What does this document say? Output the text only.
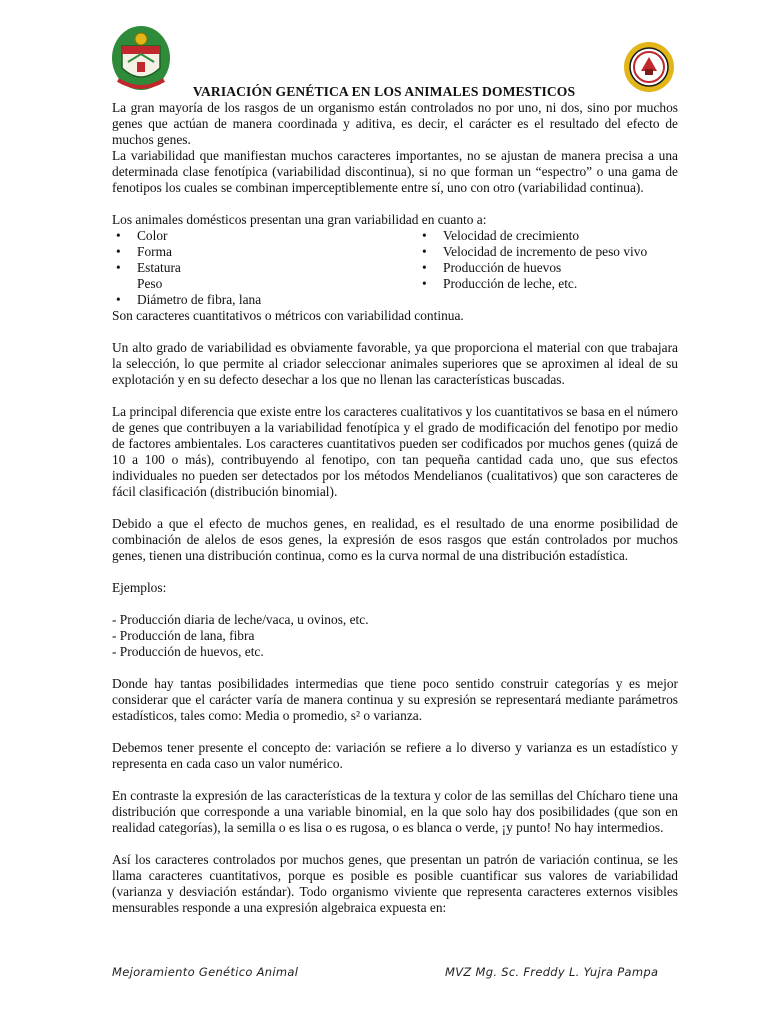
VARIACIÓN GENÉTICA EN LOS ANIMALES DOMESTICOS

La gran mayoría de los rasgos de un organismo están controlados no por uno, ni dos, sino por muchos genes que actúan de manera coordinada y aditiva, es decir, el carácter es el resultado del efecto de muchos genes.

La variabilidad que manifiestan muchos caracteres importantes, no se ajustan de manera precisa a una determinada clase fenotípica (variabilidad discontinua), si no que forman un “espectro” o una gama de fenotipos los cuales se combinan imperceptiblemente entre sí, uno con otro (variabilidad continua).

Los animales domésticos presentan una gran variabilidad en cuanto a:

• Color
• Forma
• Estatura
Peso
• Velocidad de crecimiento
• Velocidad de incremento de peso vivo
• Producción de huevos
• Producción de leche, etc.
• Diámetro de fibra, lana

Son caracteres cuantitativos o métricos con variabilidad continua.

Un alto grado de variabilidad es obviamente favorable, ya que proporciona el material con que trabajara la selección, lo que permite al criador seleccionar animales superiores que se aproximen al ideal de su explotación y en su defecto desechar a los que no llenan las características buscadas.

La principal diferencia que existe entre los caracteres cualitativos y los cuantitativos se basa en el número de genes que contribuyen a la variabilidad fenotípica y el grado de modificación del fenotipo por medio de factores ambientales. Los caracteres cuantitativos pueden ser codificados por muchos genes (quizá de 10 a 100 o más), contribuyendo al fenotipo, con tan pequeña cantidad cada uno, que sus efectos individuales no pueden ser detectados por los métodos Mendelianos (cualitativos) que son caracteres de fácil clasificación (distribución binomial).

Debido a que el efecto de muchos genes, en realidad, es el resultado de una enorme posibilidad de combinación de alelos de esos genes, la expresión de esos rasgos que están controlados por muchos genes, tienen una distribución continua, como es la curva normal de una distribución estadística.

Ejemplos:

- Producción diaria de leche/vaca, u ovinos, etc.
- Producción de lana, fibra
- Producción de huevos, etc.

Donde hay tantas posibilidades intermedias que tiene poco sentido construir categorías y es mejor considerar que el carácter varía de manera continua y su expresión se representará mediante parámetros estadísticos, tales como: Media o promedio, s² o varianza.

Debemos tener presente el concepto de: variación se refiere a lo diverso y varianza es un estadístico y representa en cada caso un valor numérico.

En contraste la expresión de las características de la textura y color de las semillas del Chícharo tiene una distribución que corresponde a una variable binomial, en la que solo hay dos posibilidades (que son en realidad categorías), la semilla o es lisa o es rugosa, o es blanca o verde, ¡y punto! No hay intermedios.

Así los caracteres controlados por muchos genes, que presentan un patrón de variación continua, se les llama caracteres cuantitativos, porque es posible es posible cuantificar sus valores de variabilidad (varianza y desviación estándar). Todo organismo viviente que representa caracteres externos visibles mensurables responde a una expresión algebraica expuesta en:

Mejoramiento Genético Animal	MVZ Mg. Sc. Freddy L. Yujra Pampa
